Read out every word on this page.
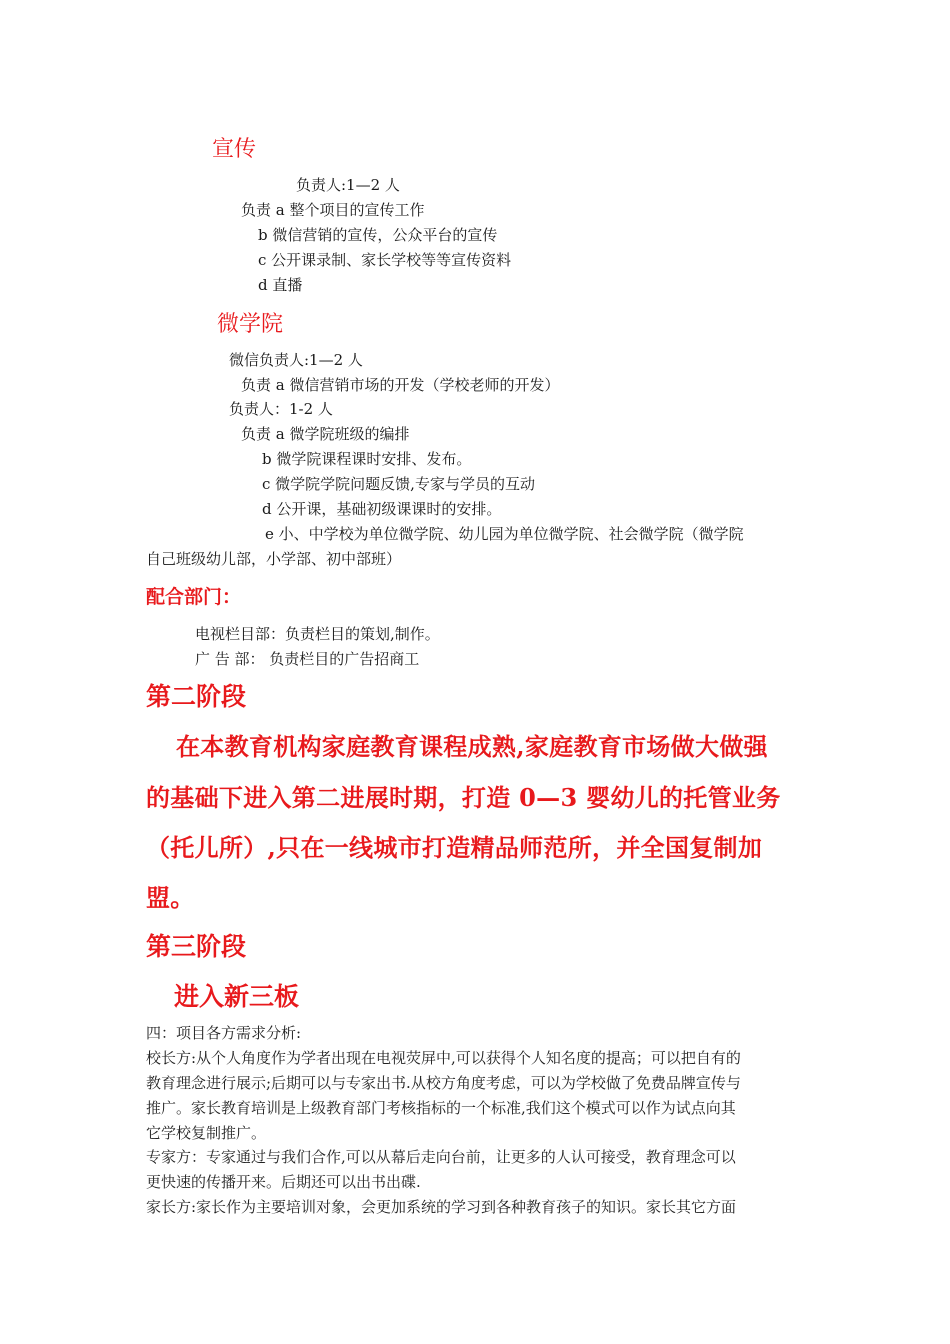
宣传
负责人:1—2 人
负责 a 整个项目的宣传工作
b 微信营销的宣传，公众平台的宣传
c 公开课录制、家长学校等等宣传资料
d 直播
微学院
微信负责人:1—2 人
负责 a 微信营销市场的开发（学校老师的开发）
负责人：1-2 人
负责 a 微学院班级的编排
b 微学院课程课时安排、发布。
c 微学院学院问题反馈,专家与学员的互动
d 公开课，基础初级课课时的安排。
e 小、中学校为单位微学院、幼儿园为单位微学院、社会微学院（微学院
自己班级幼儿部，小学部、初中部班）
配合部门：
电视栏目部：负责栏目的策划,制作。
广 告 部： 负责栏目的广告招商工
第二阶段
在本教育机构家庭教育课程成熟,家庭教育市场做大做强
的基础下进入第二进展时期，打造 0—3 婴幼儿的托管业务
（托儿所）,只在一线城市打造精品师范所，并全国复制加
盟。
第三阶段
进入新三板
四：项目各方需求分析:
校长方:从个人角度作为学者出现在电视荧屏中,可以获得个人知名度的提高；可以把自有的
教育理念进行展示;后期可以与专家出书.从校方角度考虑，可以为学校做了免费品牌宣传与
推广。家长教育培训是上级教育部门考核指标的一个标准,我们这个模式可以作为试点向其
它学校复制推广。
专家方：专家通过与我们合作,可以从幕后走向台前，让更多的人认可接受，教育理念可以
更快速的传播开来。后期还可以出书出碟.
家长方:家长作为主要培训对象，会更加系统的学习到各种教育孩子的知识。家长其它方面
